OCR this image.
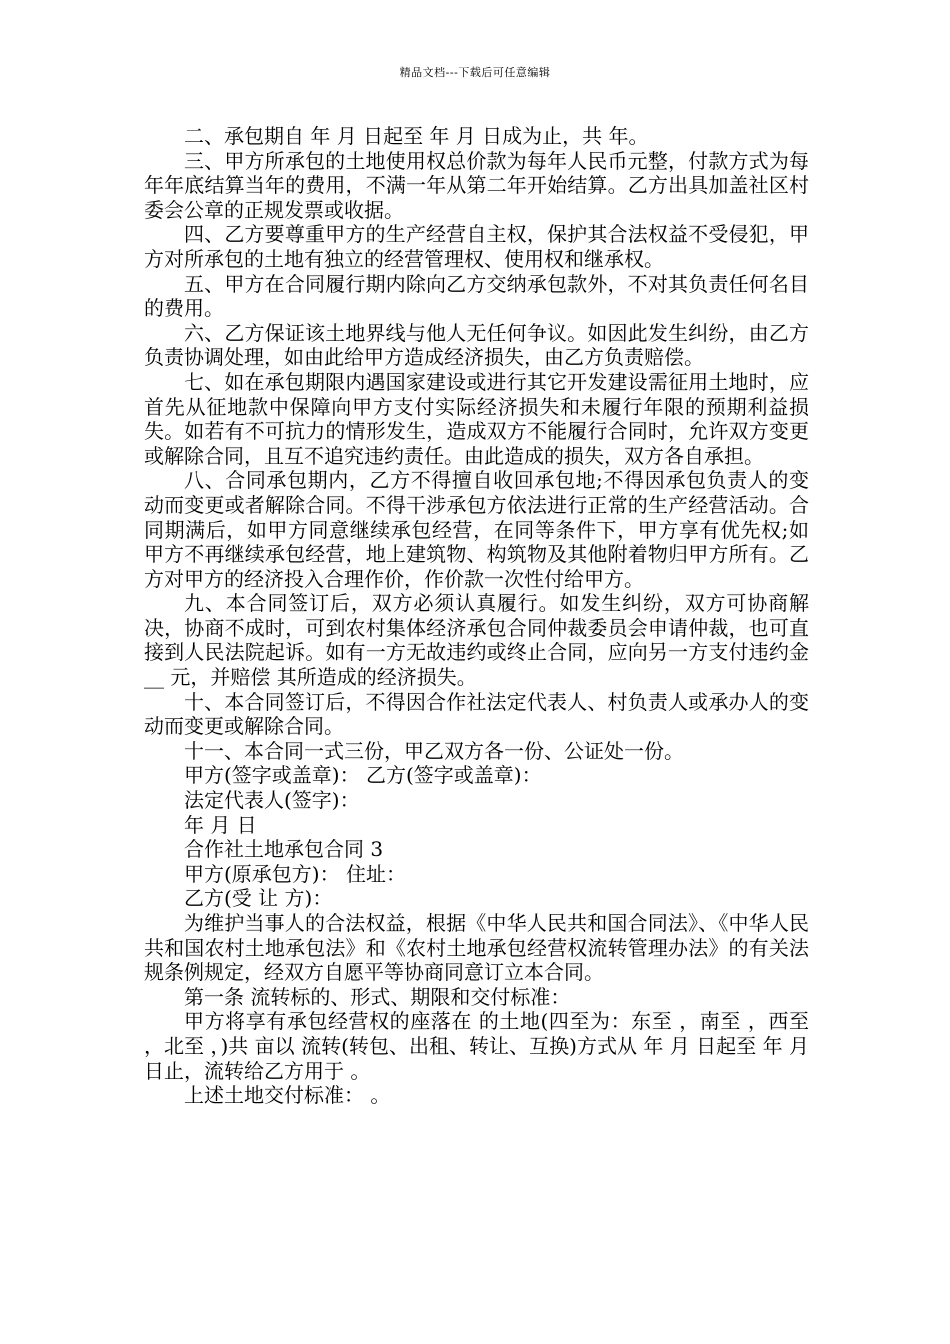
精品文档---下载后可任意编辑

二、承包期自 年 月 日起至 年 月 日成为止，共 年。

三、甲方所承包的土地使用权总价款为每年人民币元整，付款方式为每年年底结算当年的费用，不满一年从第二年开始结算。乙方出具加盖社区村委会公章的正规发票或收据。

四、乙方要尊重甲方的生产经营自主权，保护其合法权益不受侵犯，甲方对所承包的土地有独立的经营管理权、使用权和继承权。

五、甲方在合同履行期内除向乙方交纳承包款外，不对其负责任何名目的费用。

六、乙方保证该土地界线与他人无任何争议。如因此发生纠纷，由乙方负责协调处理，如由此给甲方造成经济损失，由乙方负责赔偿。

七、如在承包期限内遇国家建设或进行其它开发建设需征用土地时，应首先从征地款中保障向甲方支付实际经济损失和未履行年限的预期利益损失。如若有不可抗力的情形发生，造成双方不能履行合同时，允许双方变更或解除合同，且互不追究违约责任。由此造成的损失，双方各自承担。

八、合同承包期内，乙方不得擅自收回承包地;不得因承包负责人的变动而变更或者解除合同。不得干涉承包方依法进行正常的生产经营活动。合同期满后，如甲方同意继续承包经营，在同等条件下，甲方享有优先权;如甲方不再继续承包经营，地上建筑物、构筑物及其他附着物归甲方所有。乙方对甲方的经济投入合理作价，作价款一次性付给甲方。

九、本合同签订后，双方必须认真履行。如发生纠纷，双方可协商解决，协商不成时，可到农村集体经济承包合同仲裁委员会申请仲裁，也可直接到人民法院起诉。如有一方无故违约或终止合同，应向另一方支付违约金__ 元，并赔偿 其所造成的经济损失。

十、本合同签订后，不得因合作社法定代表人、村负责人或承办人的变动而变更或解除合同。

十一、本合同一式三份，甲乙双方各一份、公证处一份。

甲方(签字或盖章)： 乙方(签字或盖章)：

法定代表人(签字)：

年 月 日

合作社土地承包合同 3

甲方(原承包方)： 住址：

乙方(受 让 方)：

为维护当事人的合法权益，根据《中华人民共和国合同法》、《中华人民共和国农村土地承包法》和《农村土地承包经营权流转管理办法》的有关法规条例规定，经双方自愿平等协商同意订立本合同。

第一条 流转标的、形式、期限和交付标准：

甲方将享有承包经营权的座落在 的土地(四至为：东至 ，南至 ，西至 ，北至 ，)共 亩以 流转(转包、出租、转让、互换)方式从 年 月 日起至 年 月日止，流转给乙方用于 。

上述土地交付标准： 。
